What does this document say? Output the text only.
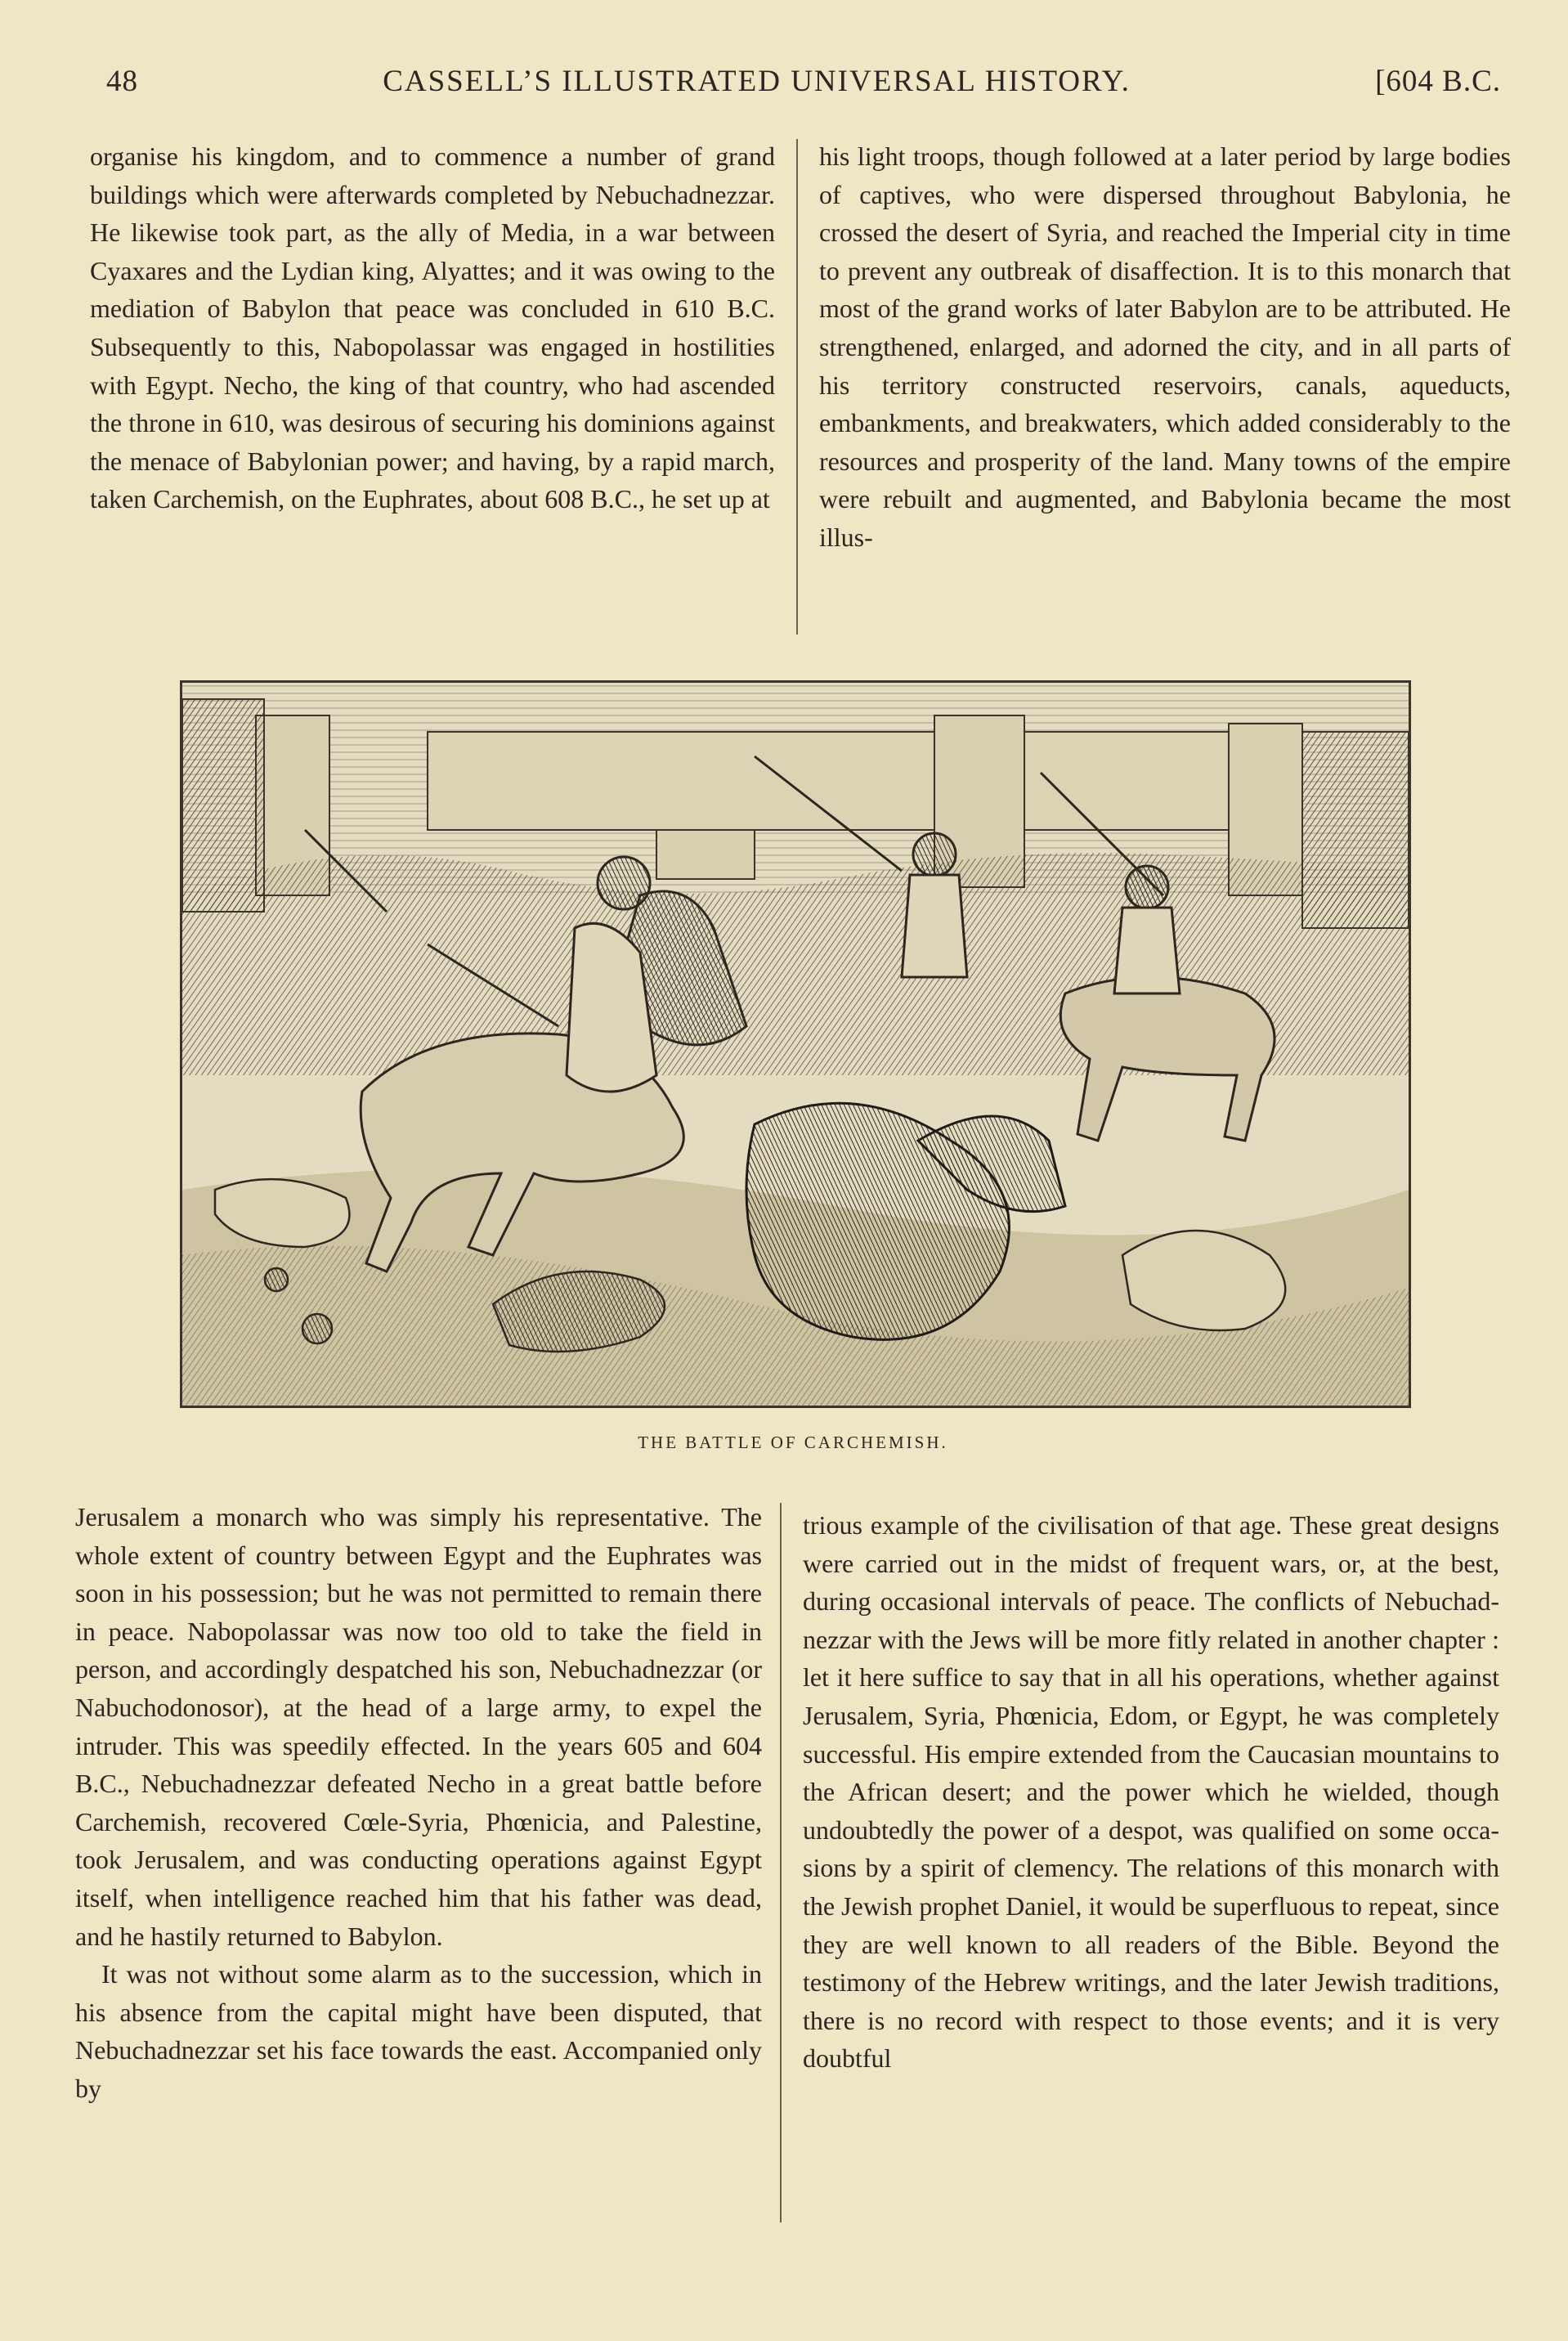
48	CASSELL’S ILLUSTRATED UNIVERSAL HISTORY.	[604 B.C.

organise his kingdom, and to commence a number of grand buildings which were afterwards completed by Nebuchadnezzar. He likewise took part, as the ally of Media, in a war between Cyaxares and the Lydian king, Alyattes; and it was owing to the mediation of Babylon that peace was concluded in 610 B.C. Subsequently to this, Nabopolassar was engaged in hostilities with Egypt. Necho, the king of that country, who had ascended the throne in 610, was desirous of securing his dominions against the menace of Babylonian power; and having, by a rapid march, taken Carchemish, on the Euphrates, about 608 B.C., he set up at

his light troops, though followed at a later period by large bodies of captives, who were dispersed throughout Babylonia, he crossed the desert of Syria, and reached the Imperial city in time to prevent any outbreak of disaffection. It is to this monarch that most of the grand works of later Babylon are to be attributed. He strengthened, enlarged, and adorned the city, and in all parts of his territory constructed reservoirs, canals, aqueducts, embankments, and breakwaters, which added considerably to the resources and prosperity of the land. Many towns of the empire were rebuilt and augmented, and Babylonia became the most illus-

THE BATTLE OF CARCHEMISH.

Jerusalem a monarch who was simply his representative. The whole extent of country between Egypt and the Euphrates was soon in his possession; but he was not permitted to remain there in peace. Nabopolassar was now too old to take the field in person, and accordingly despatched his son, Nebuchadnezzar (or Nabuchodonosor), at the head of a large army, to expel the intruder. This was speedily effected. In the years 605 and 604 B.C., Nebuchadnezzar defeated Necho in a great battle before Carchemish, recovered Cœle-Syria, Phœnicia, and Palestine, took Jerusalem, and was conducting operations against Egypt itself, when intelligence reached him that his father was dead, and he hastily returned to Babylon.

It was not without some alarm as to the succession, which in his absence from the capital might have been disputed, that Nebuchadnezzar set his face towards the east. Accompanied only by

trious example of the civilisation of that age. These great designs were carried out in the midst of frequent wars, or, at the best, during occasional intervals of peace. The conflicts of Nebuchadnezzar with the Jews will be more fitly related in another chapter : let it here suffice to say that in all his operations, whether against Jerusalem, Syria, Phœnicia, Edom, or Egypt, he was completely successful. His empire extended from the Caucasian mountains to the African desert; and the power which he wielded, though undoubtedly the power of a despot, was qualified on some occasions by a spirit of clemency. The relations of this monarch with the Jewish prophet Daniel, it would be superfluous to repeat, since they are well known to all readers of the Bible. Beyond the testimony of the Hebrew writings, and the later Jewish traditions, there is no record with respect to those events; and it is very doubtful
